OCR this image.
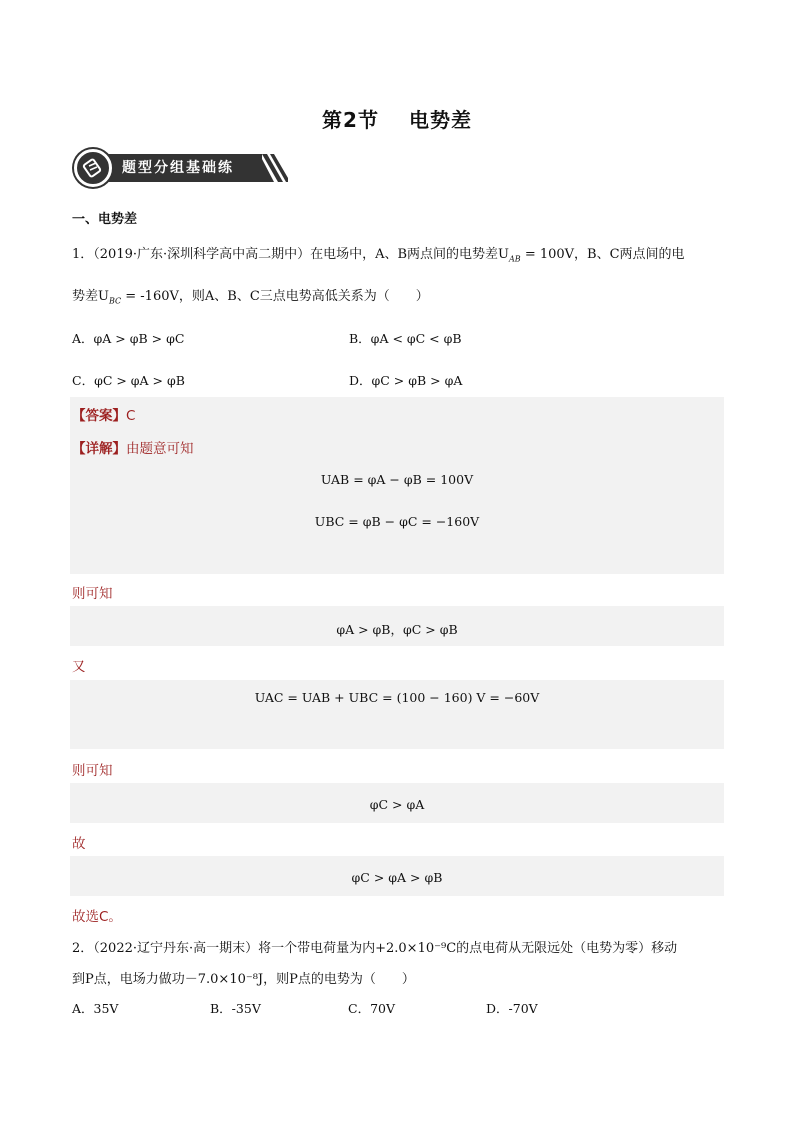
第2节 电势差
题型分组基础练
一、电势差
1．（2019·广东·深圳科学高中高二期中）在电场中，A、B两点间的电势差$U_{AB} = 100V$，B、C两点间的电
势差$U_{BC} = -160V$，则A、B、C三点电势高低关系为（　　）
A．φA > φB > φC	B．φA < φC < φB
C．φC > φA > φB	D．φC > φB > φA
【答案】C
【详解】由题意可知
UAB = φA − φB = 100V
UBC = φB − φC = −160V
则可知
φA > φB，φC > φB
又
UAC = UAB + UBC = (100 − 160) V = −60V
则可知
φC > φA
故
φC > φA > φB
故选C。
2．（2022·辽宁丹东·高一期末）将一个带电荷量为内+2.0×10⁻⁹C的点电荷从无限远处（电势为零）移动
到P点，电场力做功－7.0×10⁻⁸J，则P点的电势为（　　）
A．35V	B．-35V	C．70V	D．-70V
